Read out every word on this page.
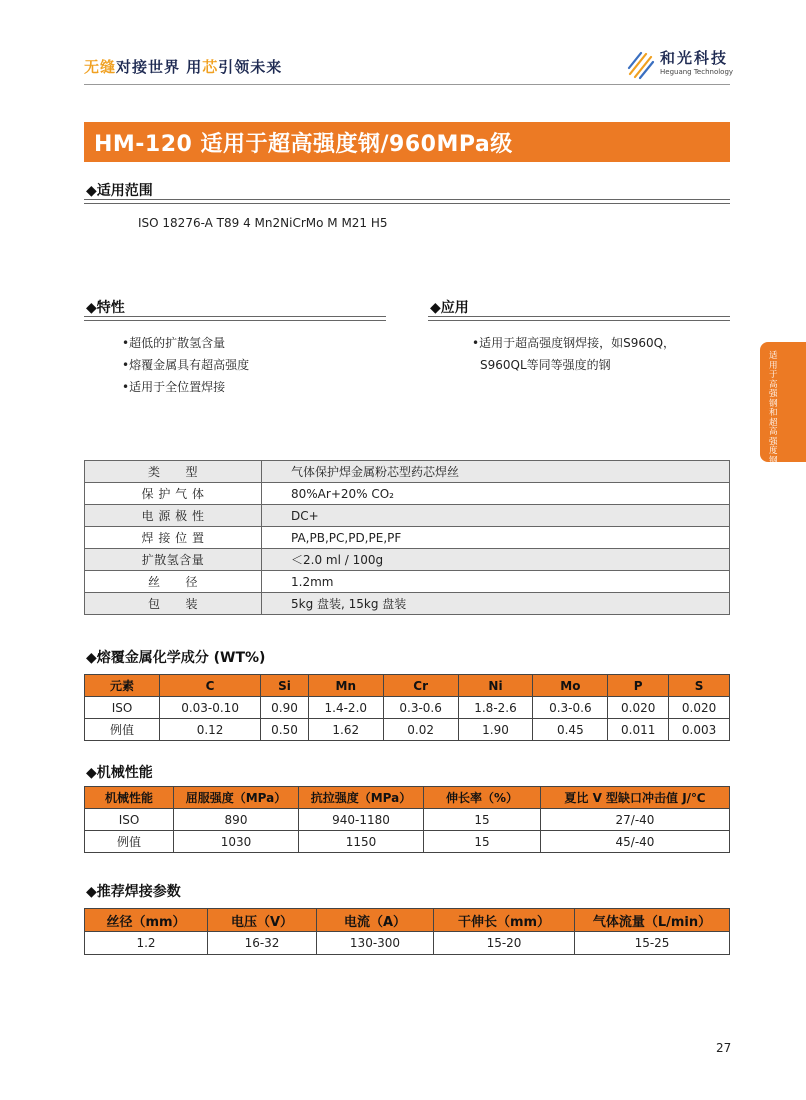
无缝对接世界 用芯引领未来	和光科技
Heguang Technology
HM-120 适用于超高强度钢/960MPa级
◆适用范围
ISO 18276-A T89 4 Mn2NiCrMo M M21 H5
◆特性
•超低的扩散氢含量
•熔覆金属具有超高强度
•适用于全位置焊接
◆应用
•适用于超高强度钢焊接，如S960Q，
S960QL等同等强度的钢
适用于高强钢和超高强度钢
类　　型	气体保护焊金属粉芯型药芯焊丝
保 护 气 体	80%Ar+20% CO₂
电 源 极 性	DC+
焊 接 位 置	PA,PB,PC,PD,PE,PF
扩散氢含量	＜2.0 ml / 100g
丝　　径	1.2mm
包　　装	5kg 盘装, 15kg 盘装
◆熔覆金属化学成分 (WT%)
元素	C	Si	Mn	Cr	Ni	Mo	P	S
ISO	0.03-0.10	0.90	1.4-2.0	0.3-0.6	1.8-2.6	0.3-0.6	0.020	0.020
例值	0.12	0.50	1.62	0.02	1.90	0.45	0.011	0.003
◆机械性能
机械性能	屈服强度（MPa）	抗拉强度（MPa）	伸长率（%）	夏比 V 型缺口冲击值 J/℃
ISO	890	940-1180	15	27/-40
例值	1030	1150	15	45/-40
◆推荐焊接参数
丝径（mm）	电压（V）	电流（A）	干伸长（mm）	气体流量（L/min）
1.2	16-32	130-300	15-20	15-25
27
